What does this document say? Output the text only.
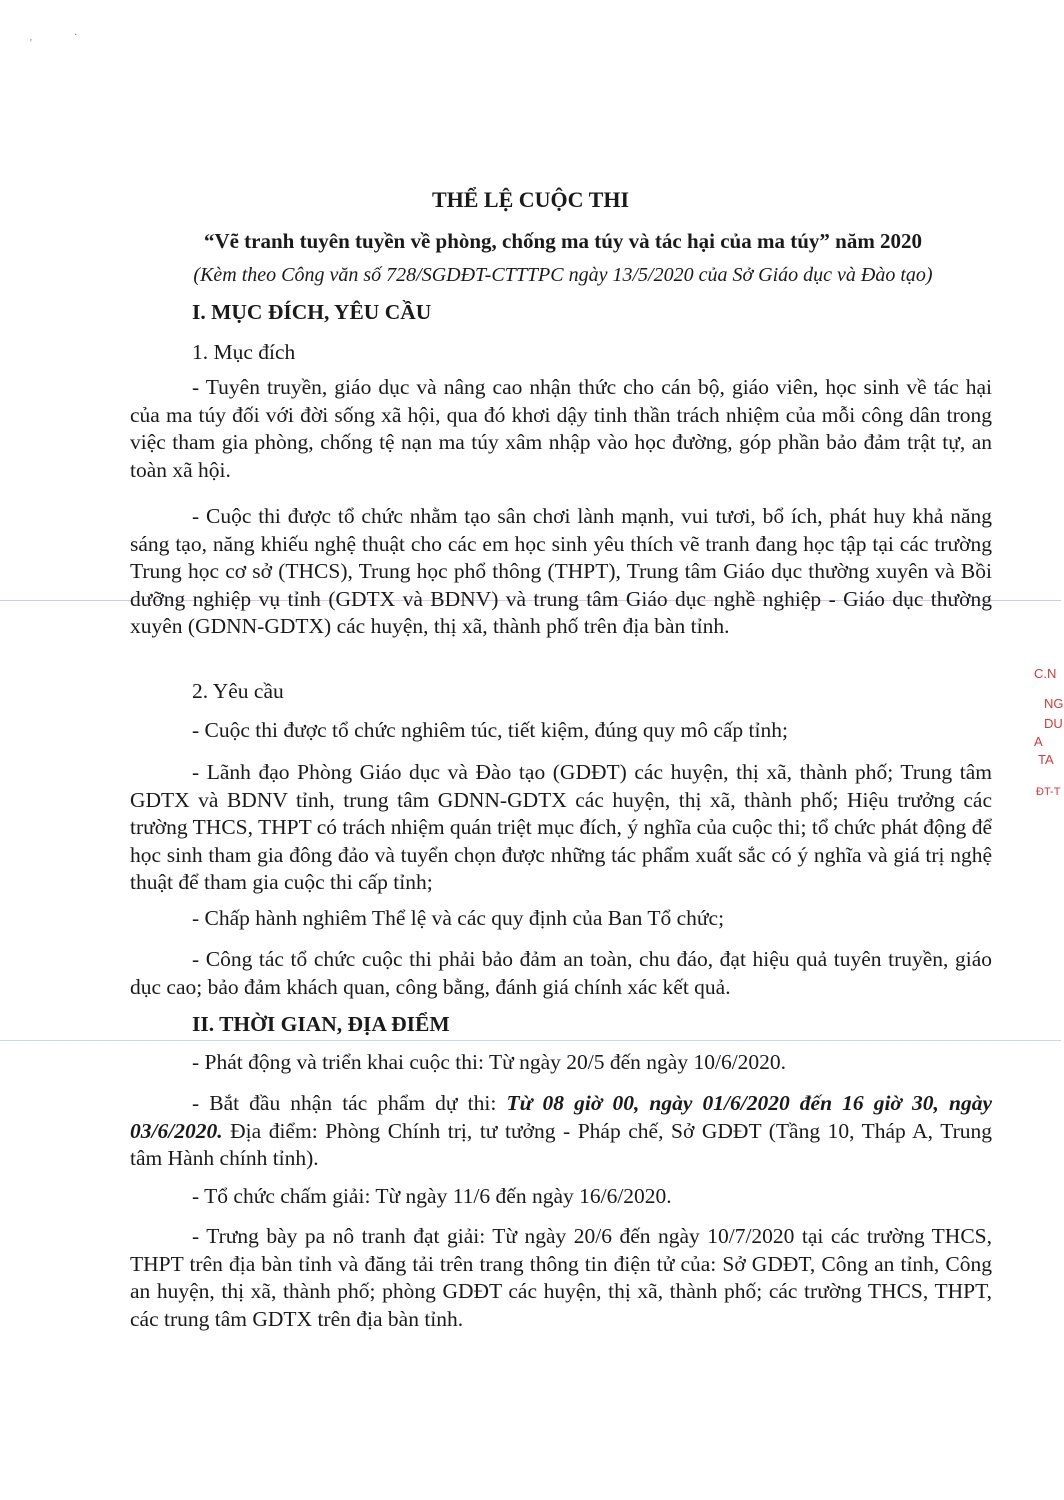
'
·
THỂ LỆ CUỘC THI

“Vẽ tranh tuyên tuyền về phòng, chống ma túy và tác hại của ma túy” năm 2020

(Kèm theo Công văn số 728/SGDĐT-CTTTPC ngày 13/5/2020 của Sở Giáo dục và Đào tạo)

I. MỤC ĐÍCH, YÊU CẦU

1. Mục đích

- Tuyên truyền, giáo dục và nâng cao nhận thức cho cán bộ, giáo viên, học sinh về tác hại của ma túy đối với đời sống xã hội, qua đó khơi dậy tinh thần trách nhiệm của mỗi công dân trong việc tham gia phòng, chống tệ nạn ma túy xâm nhập vào học đường, góp phần bảo đảm trật tự, an toàn xã hội.

- Cuộc thi được tổ chức nhằm tạo sân chơi lành mạnh, vui tươi, bổ ích, phát huy khả năng sáng tạo, năng khiếu nghệ thuật cho các em học sinh yêu thích vẽ tranh đang học tập tại các trường Trung học cơ sở (THCS), Trung học phổ thông (THPT), Trung tâm Giáo dục thường xuyên và Bồi dưỡng nghiệp vụ tỉnh (GDTX và BDNV) và trung tâm Giáo dục nghề nghiệp - Giáo dục thường xuyên (GDNN-GDTX) các huyện, thị xã, thành phố trên địa bàn tỉnh.

2. Yêu cầu

- Cuộc thi được tổ chức nghiêm túc, tiết kiệm, đúng quy mô cấp tỉnh;

- Lãnh đạo Phòng Giáo dục và Đào tạo (GDĐT) các huyện, thị xã, thành phố; Trung tâm GDTX và BDNV tỉnh, trung tâm GDNN-GDTX các huyện, thị xã, thành phố; Hiệu trưởng các trường THCS, THPT có trách nhiệm quán triệt mục đích, ý nghĩa của cuộc thi; tổ chức phát động để học sinh tham gia đông đảo và tuyển chọn được những tác phẩm xuất sắc có ý nghĩa và giá trị nghệ thuật để tham gia cuộc thi cấp tỉnh;

- Chấp hành nghiêm Thể lệ và các quy định của Ban Tổ chức;

- Công tác tổ chức cuộc thi phải bảo đảm an toàn, chu đáo, đạt hiệu quả tuyên truyền, giáo dục cao; bảo đảm khách quan, công bằng, đánh giá chính xác kết quả.

II. THỜI GIAN, ĐỊA ĐIỂM

- Phát động và triển khai cuộc thi: Từ ngày 20/5 đến ngày 10/6/2020.

- Bắt đầu nhận tác phẩm dự thi: Từ 08 giờ 00, ngày 01/6/2020 đến 16 giờ 30, ngày 03/6/2020. Địa điểm: Phòng Chính trị, tư tưởng - Pháp chế, Sở GDĐT (Tầng 10, Tháp A, Trung tâm Hành chính tỉnh).

- Tổ chức chấm giải: Từ ngày 11/6 đến ngày 16/6/2020.

- Trưng bày pa nô tranh đạt giải: Từ ngày 20/6 đến ngày 10/7/2020 tại các trường THCS, THPT trên địa bàn tỉnh và đăng tải trên trang thông tin điện tử của: Sở GDĐT, Công an tỉnh, Công an huyện, thị xã, thành phố; phòng GDĐT các huyện, thị xã, thành phố; các trường THCS, THPT, các trung tâm GDTX trên địa bàn tỉnh.

C.N
NG
DU
A
TA
ĐT-T
